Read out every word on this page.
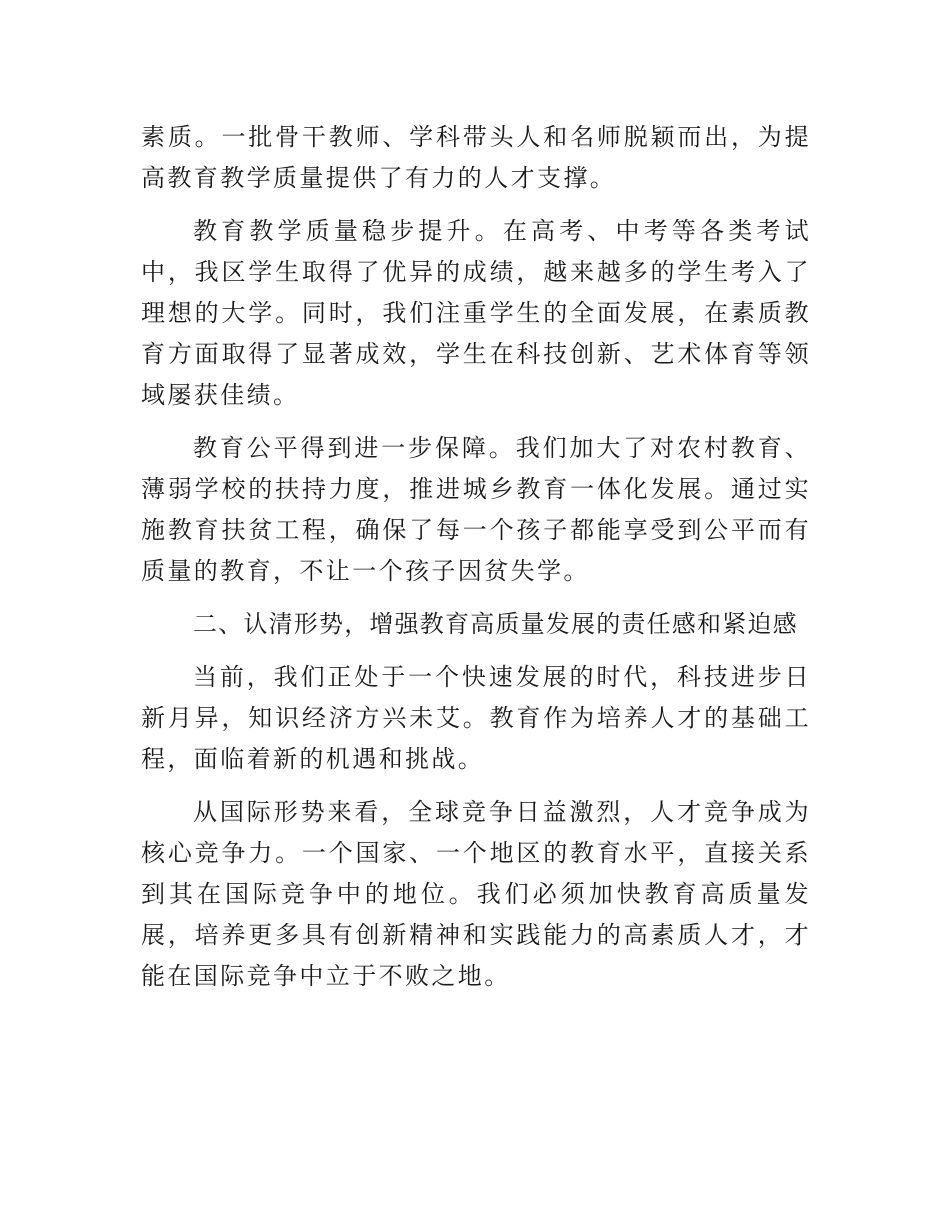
素质。一批骨干教师、学科带头人和名师脱颖而出，为提高教育教学质量提供了有力的人才支撑。

教育教学质量稳步提升。在高考、中考等各类考试中，我区学生取得了优异的成绩，越来越多的学生考入了理想的大学。同时，我们注重学生的全面发展，在素质教育方面取得了显著成效，学生在科技创新、艺术体育等领域屡获佳绩。

教育公平得到进一步保障。我们加大了对农村教育、薄弱学校的扶持力度，推进城乡教育一体化发展。通过实施教育扶贫工程，确保了每一个孩子都能享受到公平而有质量的教育，不让一个孩子因贫失学。

二、认清形势，增强教育高质量发展的责任感和紧迫感

当前，我们正处于一个快速发展的时代，科技进步日新月异，知识经济方兴未艾。教育作为培养人才的基础工程，面临着新的机遇和挑战。

从国际形势来看，全球竞争日益激烈，人才竞争成为核心竞争力。一个国家、一个地区的教育水平，直接关系到其在国际竞争中的地位。我们必须加快教育高质量发展，培养更多具有创新精神和实践能力的高素质人才，才能在国际竞争中立于不败之地。
